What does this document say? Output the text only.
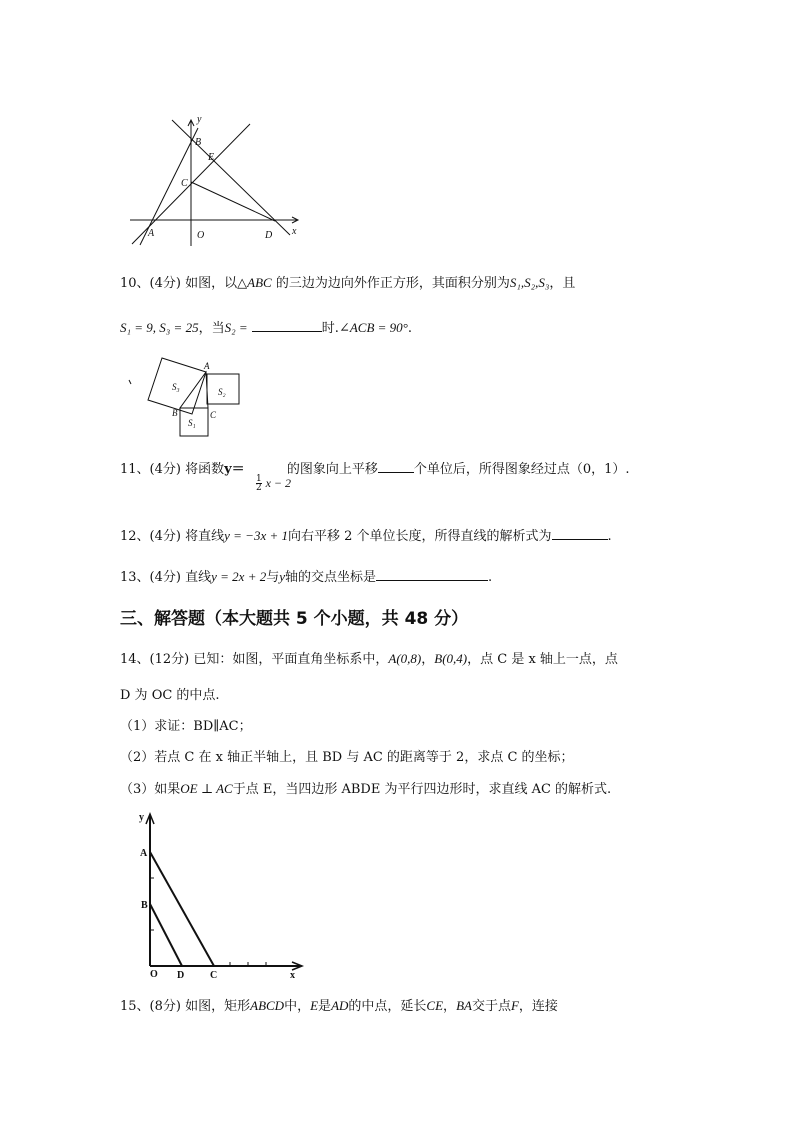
y
x
B
E
C
A	O	D
10、(4分) 如图，以△ABC 的三边为边向外作正方形，其面积分别为S₁,S₂,S₃，且
S₁ = 9, S₃ = 25，当S₂ =	时.∠ACB = 90°.
S₃	S₂
S₁
A
B	C
11、(4分) 将函数y＝	的图象向上平移	个单位后，所得图象经过点（0，1）.
$\frac{1}{2}$ x − 2
12、(4分) 将直线y = −3x + 1向右平移 2 个单位长度，所得直线的解析式为	.
13、(4分) 直线y = 2x + 2与y轴的交点坐标是	.
三、解答题（本大题共 5 个小题，共 48 分）
14、(12分) 已知：如图，平面直角坐标系中，A(0,8)，B(0,4)，点 C 是 x 轴上一点，点
D 为 OC 的中点.
（1）求证：BD∥AC；
（2）若点 C 在 x 轴正半轴上，且 BD 与 AC 的距离等于 2，求点 C 的坐标；
（3）如果OE ⊥ AC于点 E，当四边形 ABDE 为平行四边形时，求直线 AC 的解析式.
y
A
B
O D	C	x
15、(8分) 如图，矩形ABCD中，E是AD的中点，延长CE，BA交于点F，连接
